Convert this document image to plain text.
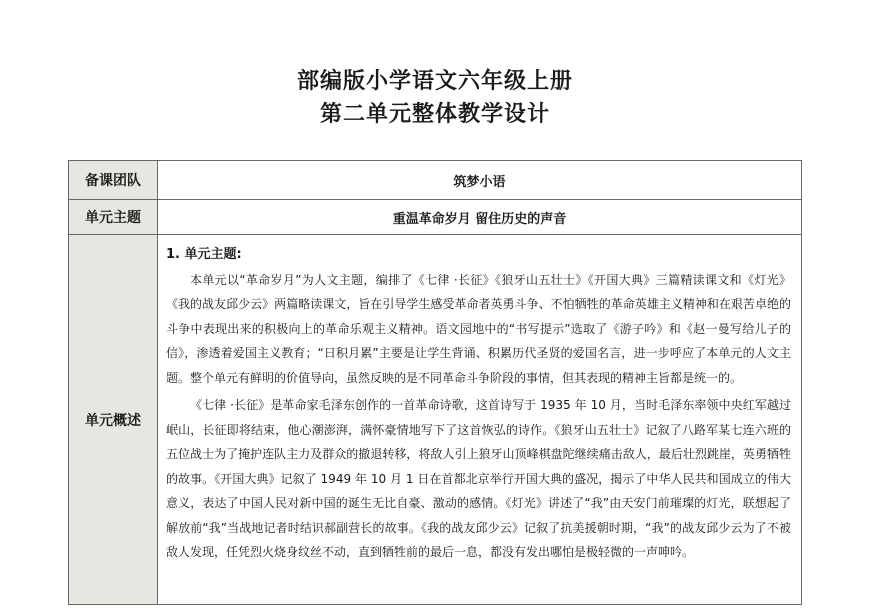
部编版小学语文六年级上册
第二单元整体教学设计
备课团队	筑梦小语
单元主题	重温革命岁月 留住历史的声音
单元概述	1. 单元主题:

本单元以“革命岁月”为人文主题，编排了《七律 ·长征》《狼牙山五壮士》《开国大典》三篇精读课文和《灯光》《我的战友邱少云》两篇略读课文，旨在引导学生感受革命者英勇斗争、不怕牺牲的革命英雄主义精神和在艰苦卓绝的斗争中表现出来的积极向上的革命乐观主义精神。语文园地中的“书写提示”选取了《游子吟》和《赵一曼写给儿子的信》，渗透着爱国主义教育；“日积月累”主要是让学生背诵、积累历代圣贤的爱国名言，进一步呼应了本单元的人文主题。整个单元有鲜明的价值导向，虽然反映的是不同革命斗争阶段的事情，但其表现的精神主旨都是统一的。

《七律 ·长征》是革命家毛泽东创作的一首革命诗歌，这首诗写于 1935 年 10 月，当时毛泽东率领中央红军越过岷山，长征即将结束，他心潮澎湃，满怀豪情地写下了这首恢弘的诗作。《狼牙山五壮士》记叙了八路军某七连六班的五位战士为了掩护连队主力及群众的撤退转移，将敌人引上狼牙山顶峰棋盘陀继续痛击敌人，最后壮烈跳崖，英勇牺牲的故事。《开国大典》记叙了 1949 年 10 月 1 日在首都北京举行开国大典的盛况，揭示了中华人民共和国成立的伟大意义，表达了中国人民对新中国的诞生无比自豪、激动的感情。《灯光》讲述了“我”由天安门前璀璨的灯光，联想起了解放前“我”当战地记者时结识郝副营长的故事。《我的战友邱少云》记叙了抗美援朝时期，“我”的战友邱少云为了不被敌人发现，任凭烈火烧身纹丝不动，直到牺牲前的最后一息，都没有发出哪怕是极轻微的一声呻吟。
